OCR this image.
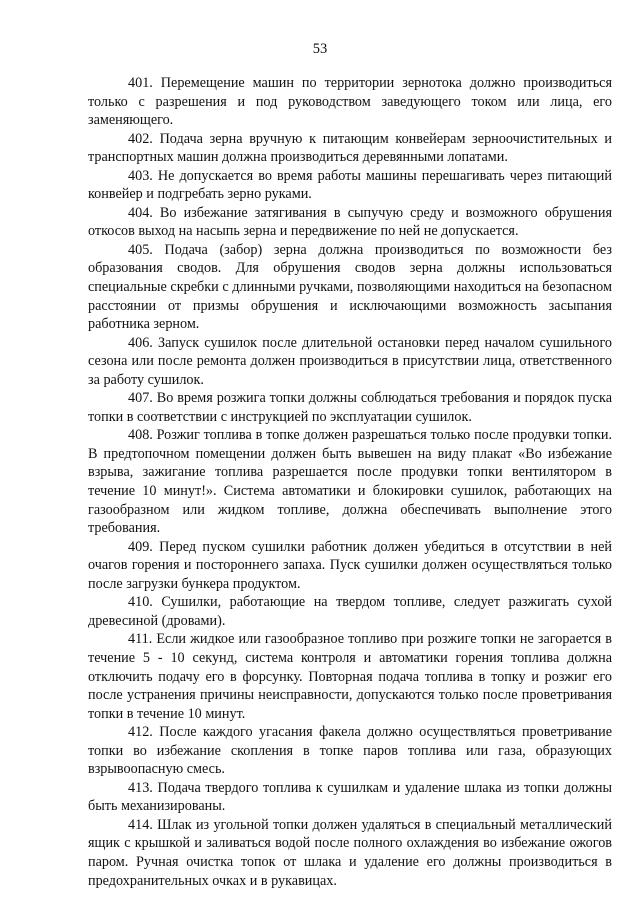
53

401. Перемещение машин по территории зернотока должно производиться только с разрешения и под руководством заведующего током или лица, его заменяющего.

402. Подача зерна вручную к питающим конвейерам зерноочистительных и транспортных машин должна производиться деревянными лопатами.

403. Не допускается во время работы машины перешагивать через питающий конвейер и подгребать зерно руками.

404. Во избежание затягивания в сыпучую среду и возможного обрушения откосов выход на насыпь зерна и передвижение по ней не допускается.

405. Подача (забор) зерна должна производиться по возможности без образования сводов. Для обрушения сводов зерна должны использоваться специальные скребки с длинными ручками, позволяющими находиться на безопасном расстоянии от призмы обрушения и исключающими возможность засыпания работника зерном.

406. Запуск сушилок после длительной остановки перед началом сушильного сезона или после ремонта должен производиться в присутствии лица, ответственного за работу сушилок.

407. Во время розжига топки должны соблюдаться требования и порядок пуска топки в соответствии с инструкцией по эксплуатации сушилок.

408. Розжиг топлива в топке должен разрешаться только после продувки топки. В предтопочном помещении должен быть вывешен на виду плакат «Во избежание взрыва, зажигание топлива разрешается после продувки топки вентилятором в течение 10 минут!». Система автоматики и блокировки сушилок, работающих на газообразном или жидком топливе, должна обеспечивать выполнение этого требования.

409. Перед пуском сушилки работник должен убедиться в отсутствии в ней очагов горения и постороннего запаха. Пуск сушилки должен осуществляться только после загрузки бункера продуктом.

410. Сушилки, работающие на твердом топливе, следует разжигать сухой древесиной (дровами).

411. Если жидкое или газообразное топливо при розжиге топки не загорается в течение 5 - 10 секунд, система контроля и автоматики горения топлива должна отключить подачу его в форсунку. Повторная подача топлива в топку и розжиг его после устранения причины неисправности, допускаются только после проветривания топки в течение 10 минут.

412. После каждого угасания факела должно осуществляться проветривание топки во избежание скопления в топке паров топлива или газа, образующих взрывоопасную смесь.

413. Подача твердого топлива к сушилкам и удаление шлака из топки должны быть механизированы.

414. Шлак из угольной топки должен удаляться в специальный металлический ящик с крышкой и заливаться водой после полного охлаждения во избежание ожогов паром. Ручная очистка топок от шлака и удаление его должны производиться в предохранительных очках и в рукавицах.
